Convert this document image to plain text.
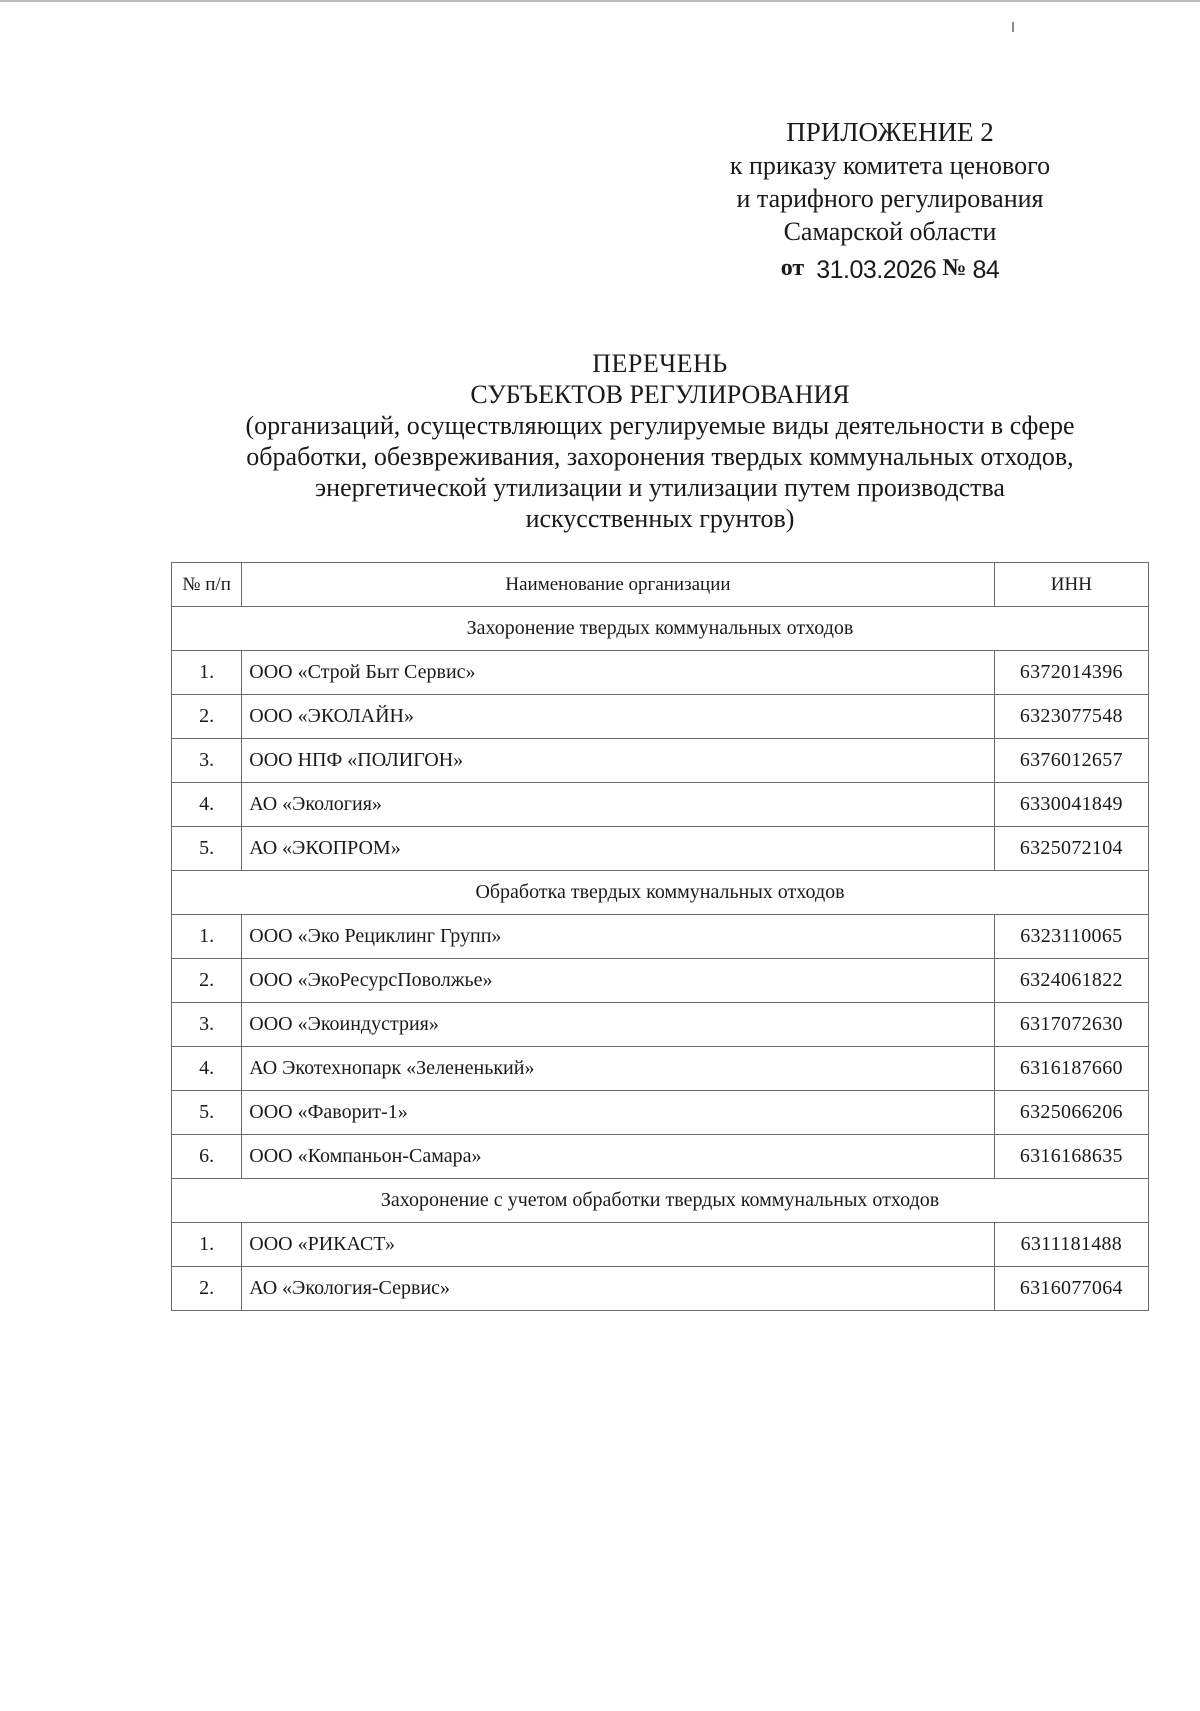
ПРИЛОЖЕНИЕ 2
к приказу комитета ценового
и тарифного регулирования
Самарской области
от 31.03.2026 № 84
ПЕРЕЧЕНЬ
СУБЪЕКТОВ РЕГУЛИРОВАНИЯ
(организаций, осуществляющих регулируемые виды деятельности в сфере
обработки, обезвреживания, захоронения твердых коммунальных отходов,
энергетической утилизации и утилизации путем производства
искусственных грунтов)
№ п/п	Наименование организации	ИНН
Захоронение твердых коммунальных отходов		
1.	ООО «Строй Быт Сервис»	6372014396
2.	ООО «ЭКОЛАЙН»	6323077548
3.	ООО НПФ «ПОЛИГОН»	6376012657
4.	АО «Экология»	6330041849
5.	АО «ЭКОПРОМ»	6325072104
Обработка твердых коммунальных отходов		
1.	ООО «Эко Рециклинг Групп»	6323110065
2.	ООО «ЭкоРесурсПоволжье»	6324061822
3.	ООО «Экоиндустрия»	6317072630
4.	АО Экотехнопарк «Зелененький»	6316187660
5.	ООО «Фаворит-1»	6325066206
6.	ООО «Компаньон-Самара»	6316168635
Захоронение с учетом обработки твердых коммунальных отходов		
1.	ООО «РИКАСТ»	6311181488
2.	АО «Экология-Сервис»	6316077064
